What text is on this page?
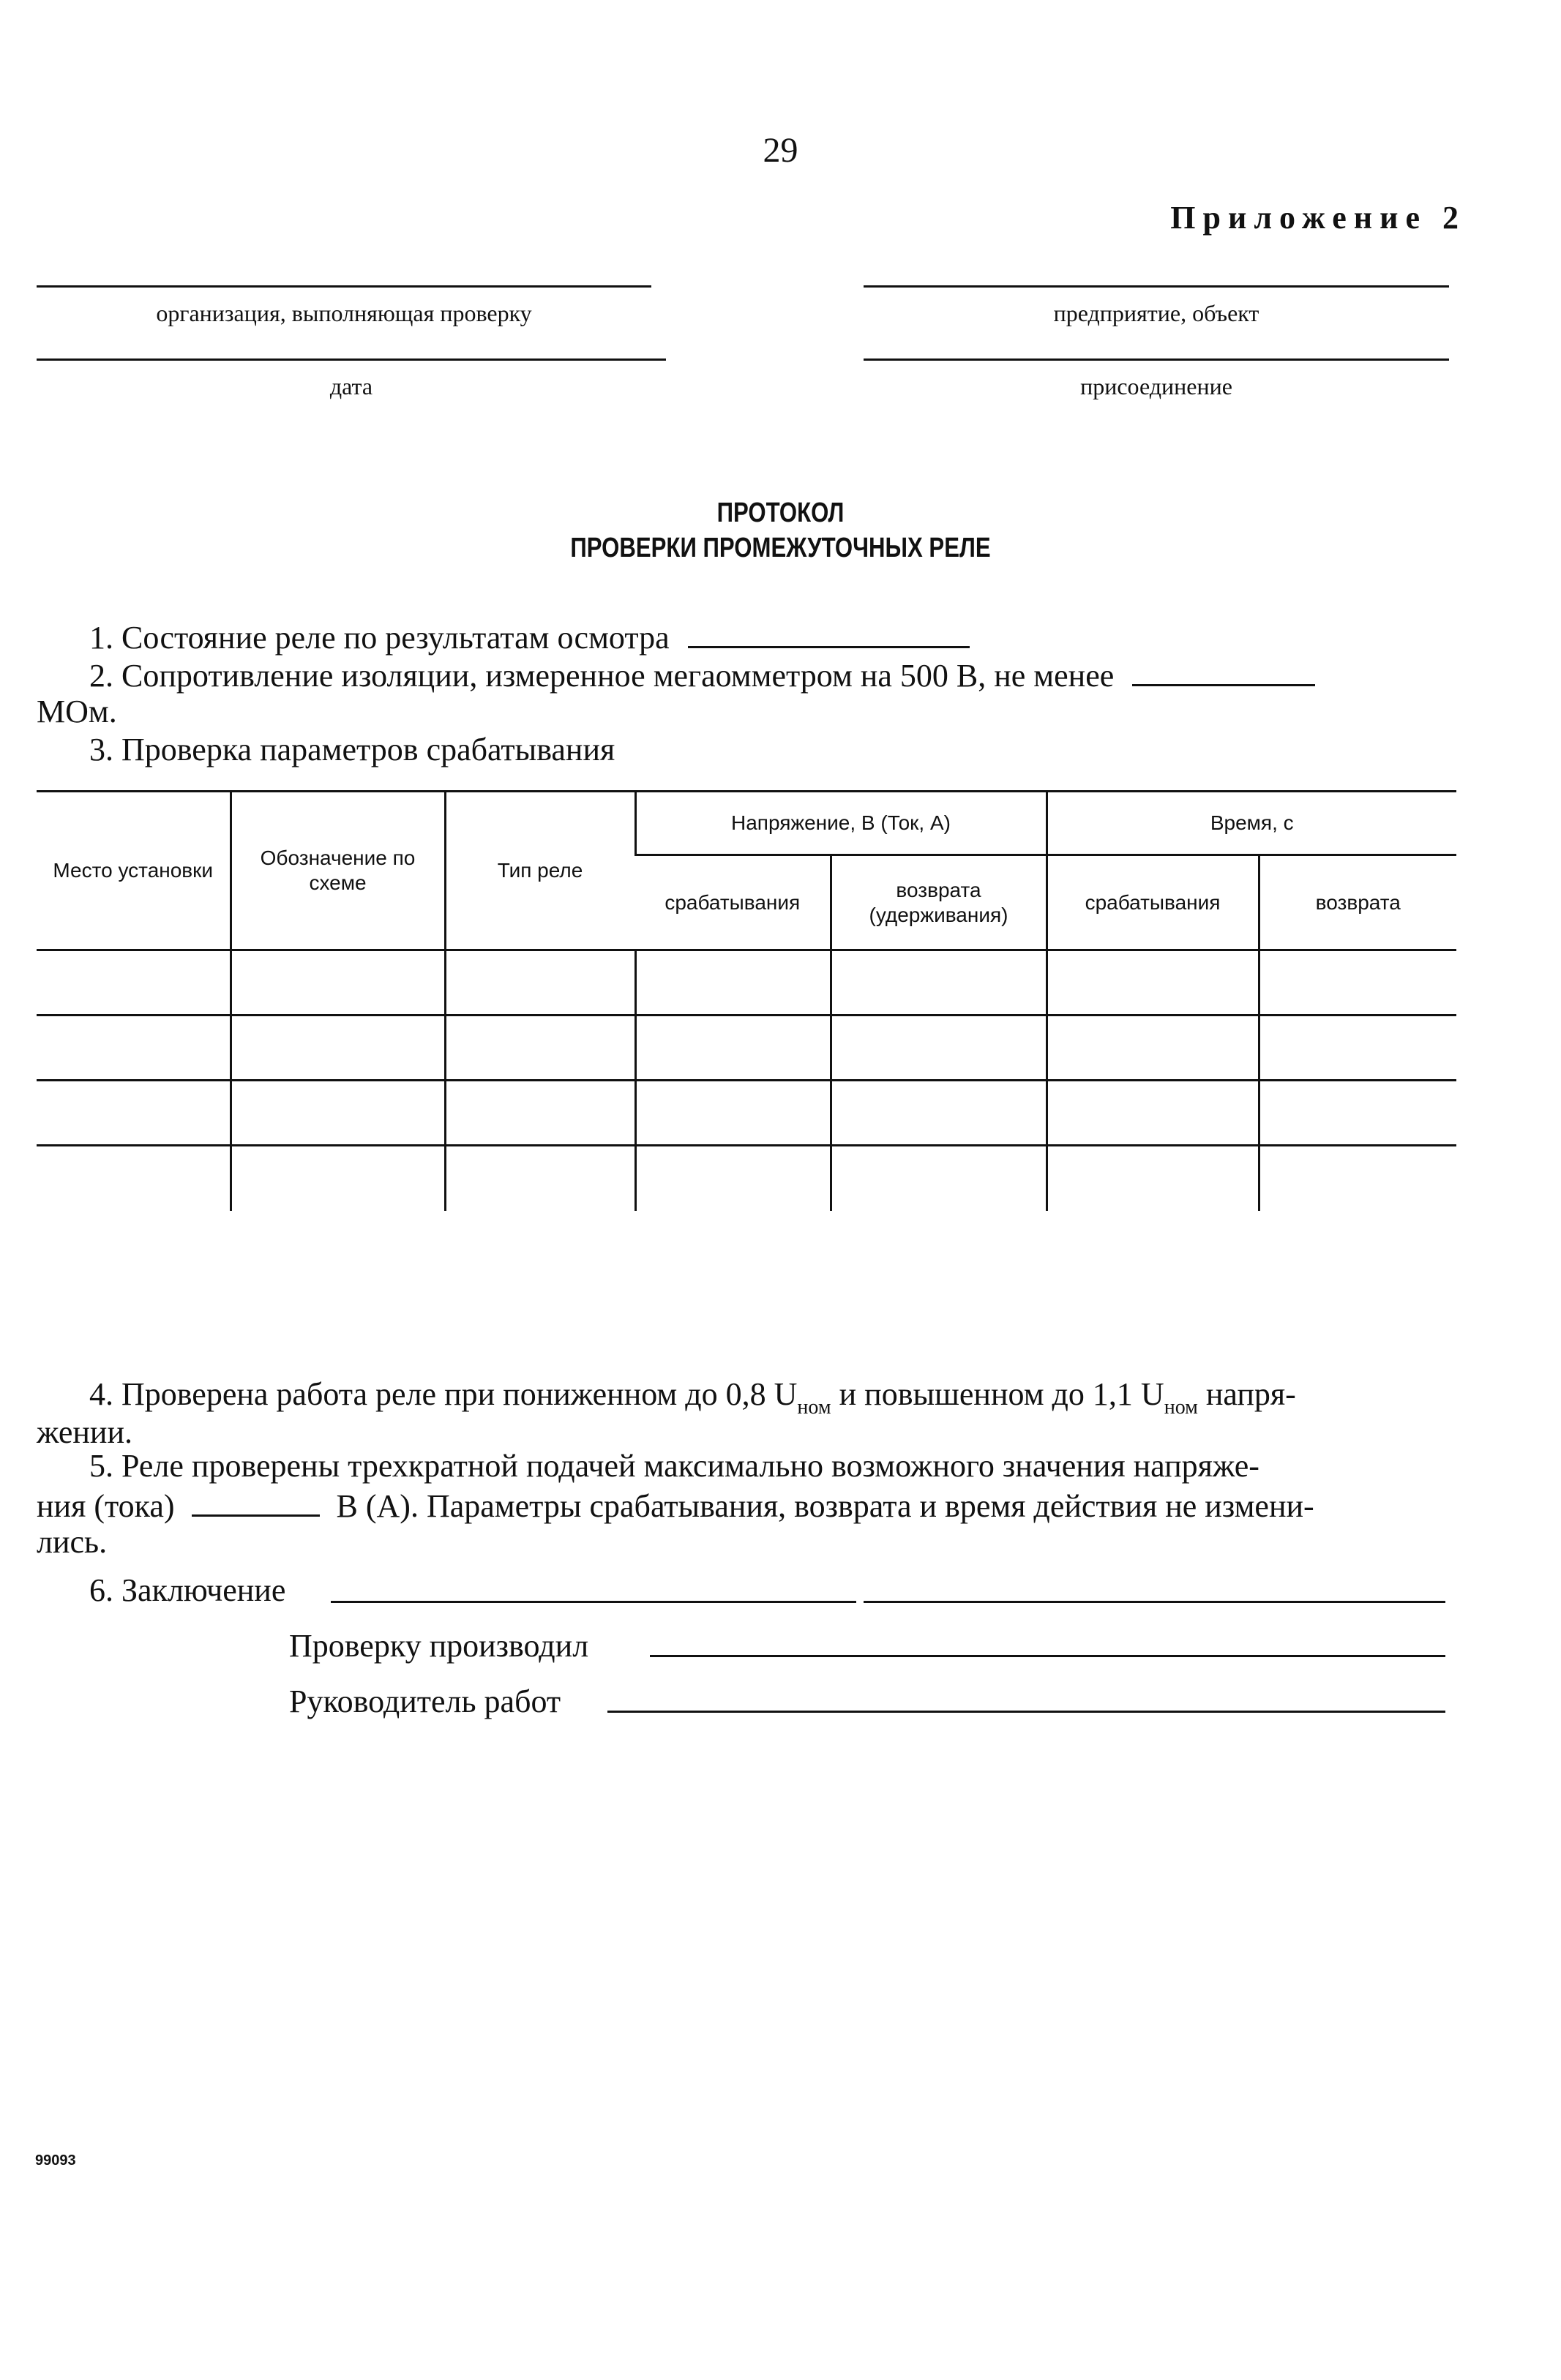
29
Приложение 2
организация, выполняющая проверку	предприятие, объект
дата	присоединение
ПРОТОКОЛ
ПРОВЕРКИ ПРОМЕЖУТОЧНЫХ РЕЛЕ
1. Состояние реле по результатам осмотра
2. Сопротивление изоляции, измеренное мегаомметром на 500 В, не менее
МОм.
3. Проверка параметров срабатывания
Место установки	Обозначение по схеме	Тип реле	Напряжение, В (Ток, А)		Время, с	
			срабатывания	возврата (удерживания)	срабатывания	возврата

4. Проверена работа реле при пониженном до 0,8 $U_{ном}$ и повышенном до 1,1 $U_{ном}$ напря-
жении.
5. Реле проверены трехкратной подачей максимально возможного значения напряже-
ния (тока)	В (А). Параметры срабатывания, возврата и время действия не измени-
лись.
6. Заключение
Проверку производил
Руководитель работ
99093
